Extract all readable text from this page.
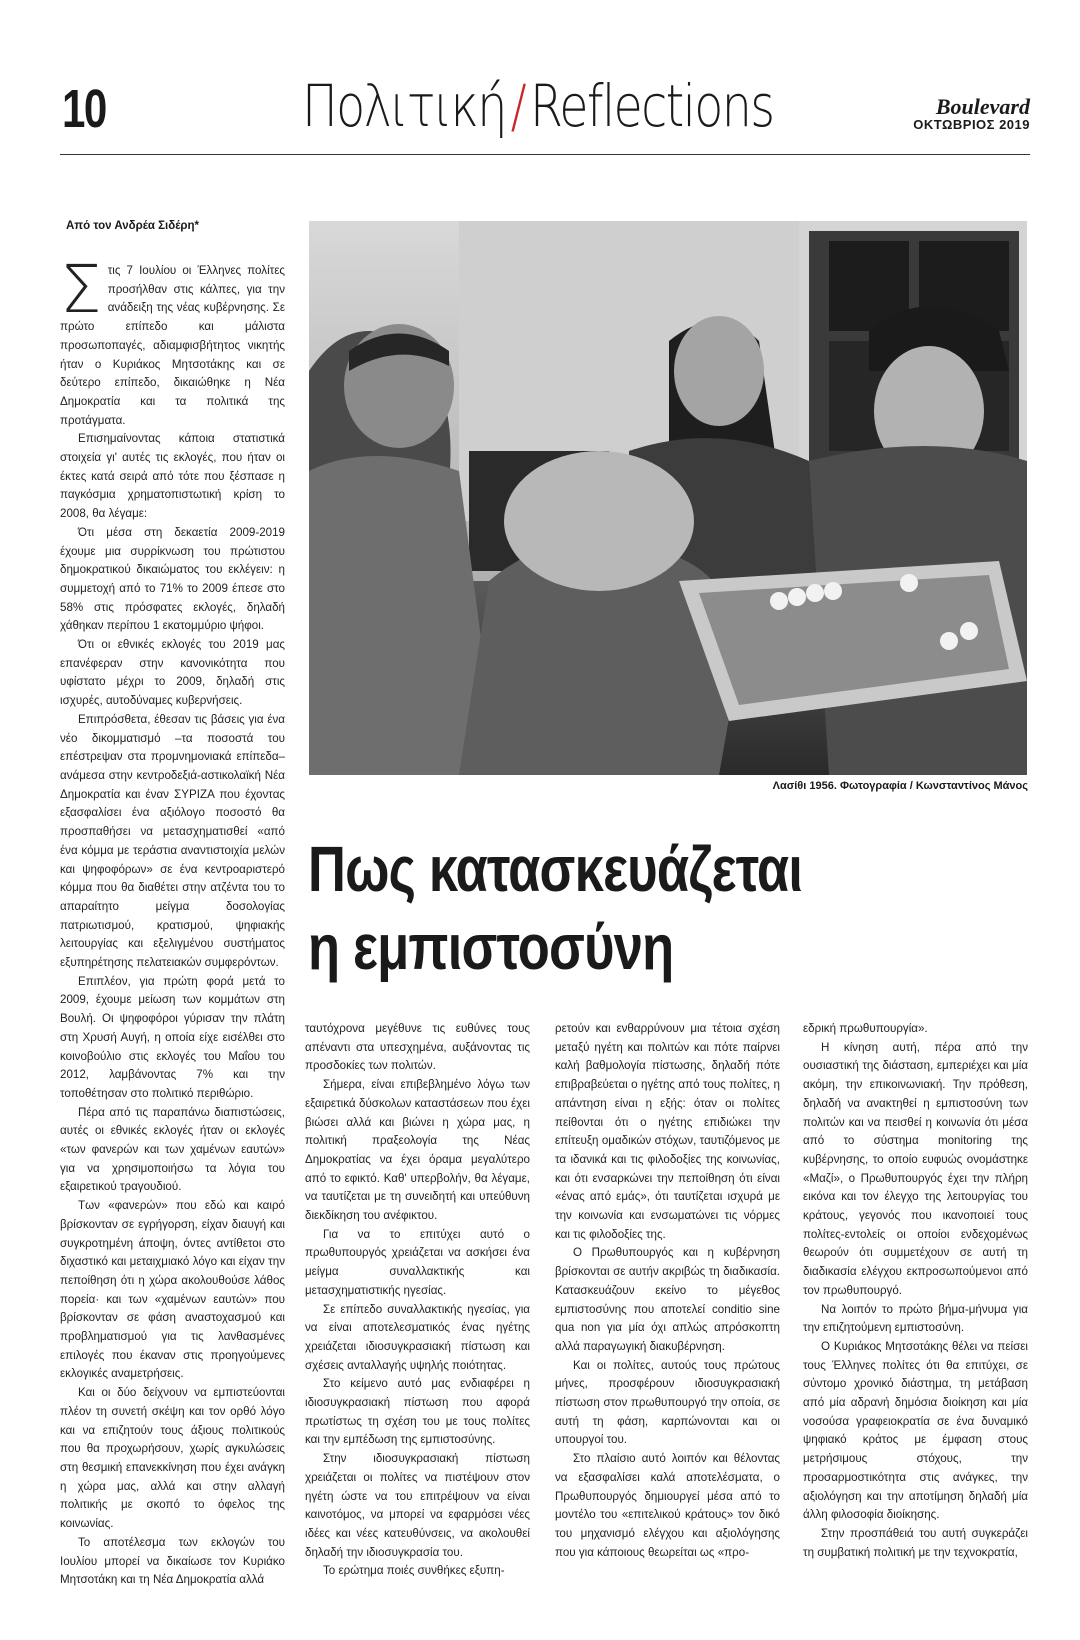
10	Πολιτική/Reflections	Boulevard
ΟΚΤΩΒΡΙΟΣ 2019
Από τον Ανδρέα Σιδέρη*
Σ τις 7 Ιουλίου οι Έλληνες πολίτες προσήλθαν στις κάλπες, για την ανάδειξη της νέας κυβέρνησης. Σε πρώτο επίπεδο και μάλιστα προσωποπαγές, αδιαμφισβήτητος νικητής ήταν ο Κυριάκος Μητσοτάκης και σε δεύτερο επίπεδο, δικαιώθηκε η Νέα Δημοκρατία και τα πολιτικά της προτάγματα.

Επισημαίνοντας κάποια στατιστικά στοιχεία γι' αυτές τις εκλογές, που ήταν οι έκτες κατά σειρά από τότε που ξέσπασε η παγκόσμια χρηματοπιστωτική κρίση το 2008, θα λέγαμε:

Ότι μέσα στη δεκαετία 2009-2019 έχουμε μια συρρίκνωση του πρώτιστου δημοκρατικού δικαιώματος του εκλέγειν: η συμμετοχή από το 71% το 2009 έπεσε στο 58% στις πρόσφατες εκλογές, δηλαδή χάθηκαν περίπου 1 εκατομμύριο ψήφοι.

Ότι οι εθνικές εκλογές του 2019 μας επανέφεραν στην κανονικότητα που υφίστατο μέχρι το 2009, δηλαδή στις ισχυρές, αυτοδύναμες κυβερνήσεις.

Επιπρόσθετα, έθεσαν τις βάσεις για ένα νέο δικομματισμό –τα ποσοστά του επέστρεψαν στα προμνημονιακά επίπεδα– ανάμεσα στην κεντροδεξιά-αστικολαϊκή Νέα Δημοκρατία και έναν ΣΥΡΙΖΑ που έχοντας εξασφαλίσει ένα αξιόλογο ποσοστό θα προσπαθήσει να μετασχηματισθεί «από ένα κόμμα με τεράστια αναντιστοιχία μελών και ψηφοφόρων» σε ένα κεντροαριστερό κόμμα που θα διαθέτει στην ατζέντα του το απαραίτητο μείγμα δοσολογίας πατριωτισμού, κρατισμού, ψηφιακής λειτουργίας και εξελιγμένου συστήματος εξυπηρέτησης πελατειακών συμφερόντων.

Επιπλέον, για πρώτη φορά μετά το 2009, έχουμε μείωση των κομμάτων στη Βουλή. Οι ψηφοφόροι γύρισαν την πλάτη στη Χρυσή Αυγή, η οποία είχε εισέλθει στο κοινοβούλιο στις εκλογές του Μαΐου του 2012, λαμβάνοντας 7% και την τοποθέτησαν στο πολιτικό περιθώριο.

Πέρα από τις παραπάνω διαπιστώσεις, αυτές οι εθνικές εκλογές ήταν οι εκλογές «των φανερών και των χαμένων εαυτών» για να χρησιμοποιήσω τα λόγια του εξαιρετικού τραγουδιού.

Των «φανερών» που εδώ και καιρό βρίσκονταν σε εγρήγορση, είχαν διαυγή και συγκροτημένη άποψη, όντες αντίθετοι στο διχαστικό και μεταιχμιακό λόγο και είχαν την πεποίθηση ότι η χώρα ακολουθούσε λάθος πορεία· και των «χαμένων εαυτών» που βρίσκονταν σε φάση αναστοχασμού και προβληματισμού για τις λανθασμένες επιλογές που έκαναν στις προηγούμενες εκλογικές αναμετρήσεις.

Και οι δύο δείχνουν να εμπιστεύονται πλέον τη συνετή σκέψη και τον ορθό λόγο και να επιζητούν τους άξιους πολιτικούς που θα προχωρήσουν, χωρίς αγκυλώσεις στη θεσμική επανεκκίνηση που έχει ανάγκη η χώρα μας, αλλά και στην αλλαγή πολιτικής με σκοπό το όφελος της κοινωνίας.

Το αποτέλεσμα των εκλογών του Ιουλίου μπορεί να δικαίωσε τον Κυριάκο Μητσοτάκη και τη Νέα Δημοκρατία αλλά

Λασίθι 1956. Φωτογραφία / Κωνσταντίνος Μάνος
Πως κατασκευάζεται
η εμπιστοσύνη

ταυτόχρονα μεγέθυνε τις ευθύνες τους απέναντι στα υπεσχημένα, αυξάνοντας τις προσδοκίες των πολιτών.

Σήμερα, είναι επιβεβλημένο λόγω των εξαιρετικά δύσκολων καταστάσεων που έχει βιώσει αλλά και βιώνει η χώρα μας, η πολιτική πραξεολογία της Νέας Δημοκρατίας να έχει όραμα μεγαλύτερο από το εφικτό. Καθ' υπερβολήν, θα λέγαμε, να ταυτίζεται με τη συνειδητή και υπεύθυνη διεκδίκηση του ανέφικτου.

Για να το επιτύχει αυτό ο πρωθυπουργός χρειάζεται να ασκήσει ένα μείγμα συναλλακτικής και μετασχηματιστικής ηγεσίας.

Σε επίπεδο συναλλακτικής ηγεσίας, για να είναι αποτελεσματικός ένας ηγέτης χρειάζεται ιδιοσυγκρασιακή πίστωση και σχέσεις ανταλλαγής υψηλής ποιότητας.

Στο κείμενο αυτό μας ενδιαφέρει η ιδιοσυγκρασιακή πίστωση που αφορά πρωτίστως τη σχέση του με τους πολίτες και την εμπέδωση της εμπιστοσύνης.

Στην ιδιοσυγκρασιακή πίστωση χρειάζεται οι πολίτες να πιστέψουν στον ηγέτη ώστε να του επιτρέψουν να είναι καινοτόμος, να μπορεί να εφαρμόσει νέες ιδέες και νέες κατευθύνσεις, να ακολουθεί δηλαδή την ιδιοσυγκρασία του.

Το ερώτημα ποιές συνθήκες εξυπη-

ρετούν και ενθαρρύνουν μια τέτοια σχέση μεταξύ ηγέτη και πολιτών και πότε παίρνει καλή βαθμολογία πίστωσης, δηλαδή πότε επιβραβεύεται ο ηγέτης από τους πολίτες, η απάντηση είναι η εξής: όταν οι πολίτες πείθονται ότι ο ηγέτης επιδιώκει την επίτευξη ομαδικών στόχων, ταυτιζόμενος με τα ιδανικά και τις φιλοδοξίες της κοινωνίας, και ότι ενσαρκώνει την πεποίθηση ότι είναι «ένας από εμάς», ότι ταυτίζεται ισχυρά με την κοινωνία και ενσωματώνει τις νόρμες και τις φιλοδοξίες της.

Ο Πρωθυπουργός και η κυβέρνηση βρίσκονται σε αυτήν ακριβώς τη διαδικασία. Κατασκευάζουν εκείνο το μέγεθος εμπιστοσύνης που αποτελεί conditio sine qua non για μία όχι απλώς απρόσκοπτη αλλά παραγωγική διακυβέρνηση.

Και οι πολίτες, αυτούς τους πρώτους μήνες, προσφέρουν ιδιοσυγκρασιακή πίστωση στον πρωθυπουργό την οποία, σε αυτή τη φάση, καρπώνονται και οι υπουργοί του.

Στο πλαίσιο αυτό λοιπόν και θέλοντας να εξασφαλίσει καλά αποτελέσματα, ο Πρωθυπουργός δημιουργεί μέσα από το μοντέλο του «επιτελικού κράτους» τον δικό του μηχανισμό ελέγχου και αξιολόγησης που για κάποιους θεωρείται ως «προ-

εδρική πρωθυπουργία».

Η κίνηση αυτή, πέρα από την ουσιαστική της διάσταση, εμπεριέχει και μία ακόμη, την επικοινωνιακή. Την πρόθεση, δηλαδή να ανακτηθεί η εμπιστοσύνη των πολιτών και να πεισθεί η κοινωνία ότι μέσα από το σύστημα monitoring της κυβέρνησης, το οποίο ευφυώς ονομάστηκε «Μαζί», ο Πρωθυπουργός έχει την πλήρη εικόνα και τον έλεγχο της λειτουργίας του κράτους, γεγονός που ικανοποιεί τους πολίτες-εντολείς οι οποίοι ενδεχομένως θεωρούν ότι συμμετέχουν σε αυτή τη διαδικασία ελέγχου εκπροσωπούμενοι από τον πρωθυπουργό.

Να λοιπόν το πρώτο βήμα-μήνυμα για την επιζητούμενη εμπιστοσύνη.

Ο Κυριάκος Μητσοτάκης θέλει να πείσει τους Έλληνες πολίτες ότι θα επιτύχει, σε σύντομο χρονικό διάστημα, τη μετάβαση από μία αδρανή δημόσια διοίκηση και μία νοσούσα γραφειοκρατία σε ένα δυναμικό ψηφιακό κράτος με έμφαση στους μετρήσιμους στόχους, την προσαρμοστικότητα στις ανάγκες, την αξιολόγηση και την αποτίμηση δηλαδή μία άλλη φιλοσοφία διοίκησης.

Στην προσπάθειά του αυτή συγκεράζει τη συμβατική πολιτική με την τεχνοκρατία,
